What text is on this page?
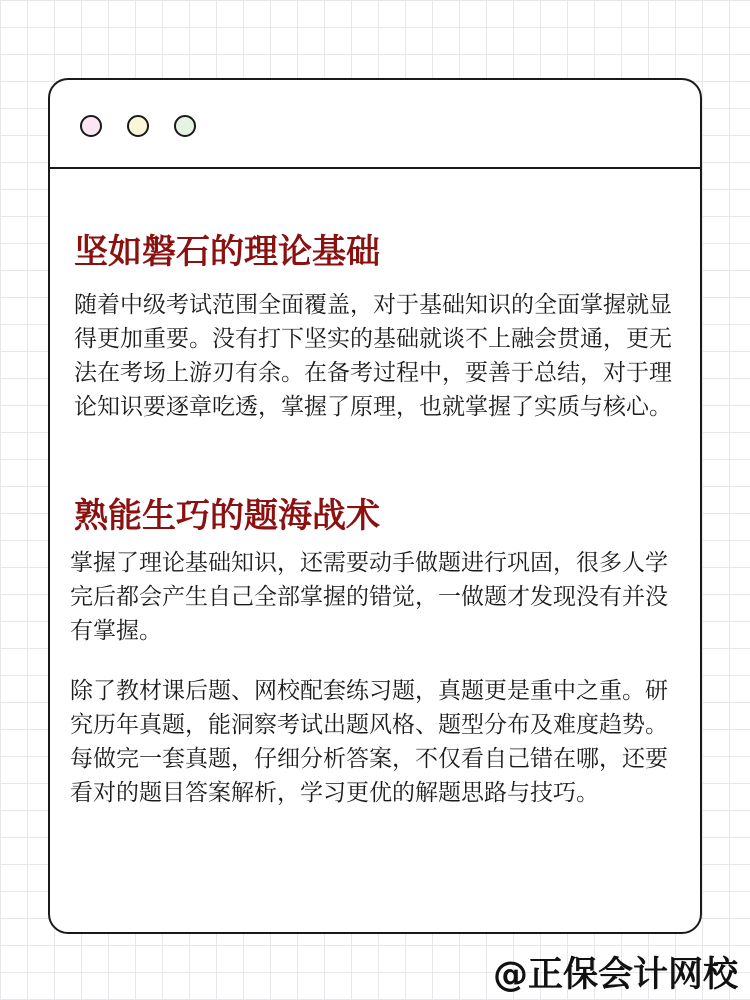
坚如磐石的理论基础

随着中级考试范围全面覆盖，对于基础知识的全面掌握就显得更加重要。没有打下坚实的基础就谈不上融会贯通，更无法在考场上游刃有余。在备考过程中，要善于总结，对于理论知识要逐章吃透，掌握了原理，也就掌握了实质与核心。

熟能生巧的题海战术

掌握了理论基础知识，还需要动手做题进行巩固，很多人学完后都会产生自己全部掌握的错觉，一做题才发现没有并没有掌握。

除了教材课后题、网校配套练习题，真题更是重中之重。研究历年真题，能洞察考试出题风格、题型分布及难度趋势。每做完一套真题，仔细分析答案，不仅看自己错在哪，还要看对的题目答案解析，学习更优的解题思路与技巧。

@正保会计网校
